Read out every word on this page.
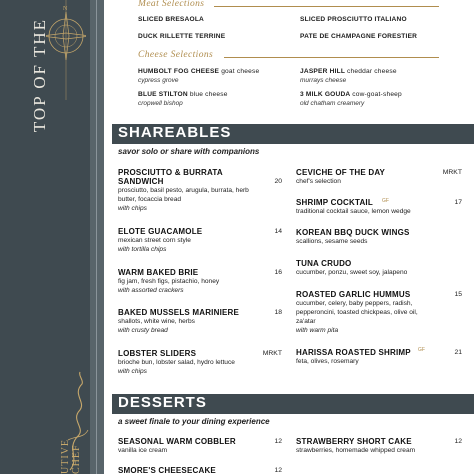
N
TOP OF THE
UTIVE CHEF
Meat Selections
SLICED BRESAOLA	SLICED PROSCIUTTO ITALIANO
DUCK RILLETTE TERRINE	PATE DE CHAMPAGNE FORESTIER
Cheese Selections
HUMBOLT FOG CHEESE goat cheese
cypress grove
JASPER HILL cheddar cheese
murrays cheese
BLUE STILTON blue cheese
cropwell bishop
3 MILK GOUDA cow-goat-sheep
old chatham creamery
SHAREABLES
savor solo or share with companions
PROSCIUTTO & BURRATA
SANDWICH	20
prosciutto, basil pesto, arugula, burrata, herb
butter, focaccia bread
with chips
ELOTE GUACAMOLE	14
mexican street corn style
with tortilla chips
WARM BAKED BRIE	16
fig jam, fresh figs, pistachio, honey
with assorted crackers
BAKED MUSSELS MARINIERE	18
shallots, white wine, herbs
with crusty bread
LOBSTER SLIDERS	MRKT
brioche bun, lobster salad, hydro lettuce
with chips
CEVICHE OF THE DAY	MRKT
chef's selection
SHRIMP COCKTAIL GF	17
traditional cocktail sauce, lemon wedge
KOREAN BBQ DUCK WINGS
scallions, sesame seeds
TUNA CRUDO
cucumber, ponzu, sweet soy, jalapeno
ROASTED GARLIC HUMMUS	15
cucumber, celery, baby peppers, radish,
pepperoncini, toasted chickpeas, olive oil,
za'atar
with warm pita
HARISSA ROASTED SHRIMP GF	21
feta, olives, rosemary
DESSERTS
a sweet finale to your dining experience
SEASONAL WARM COBBLER	12
vanilla ice cream
SMORE'S CHEESECAKE	12
STRAWBERRY SHORT CAKE	12
strawberries, homemade whipped cream
